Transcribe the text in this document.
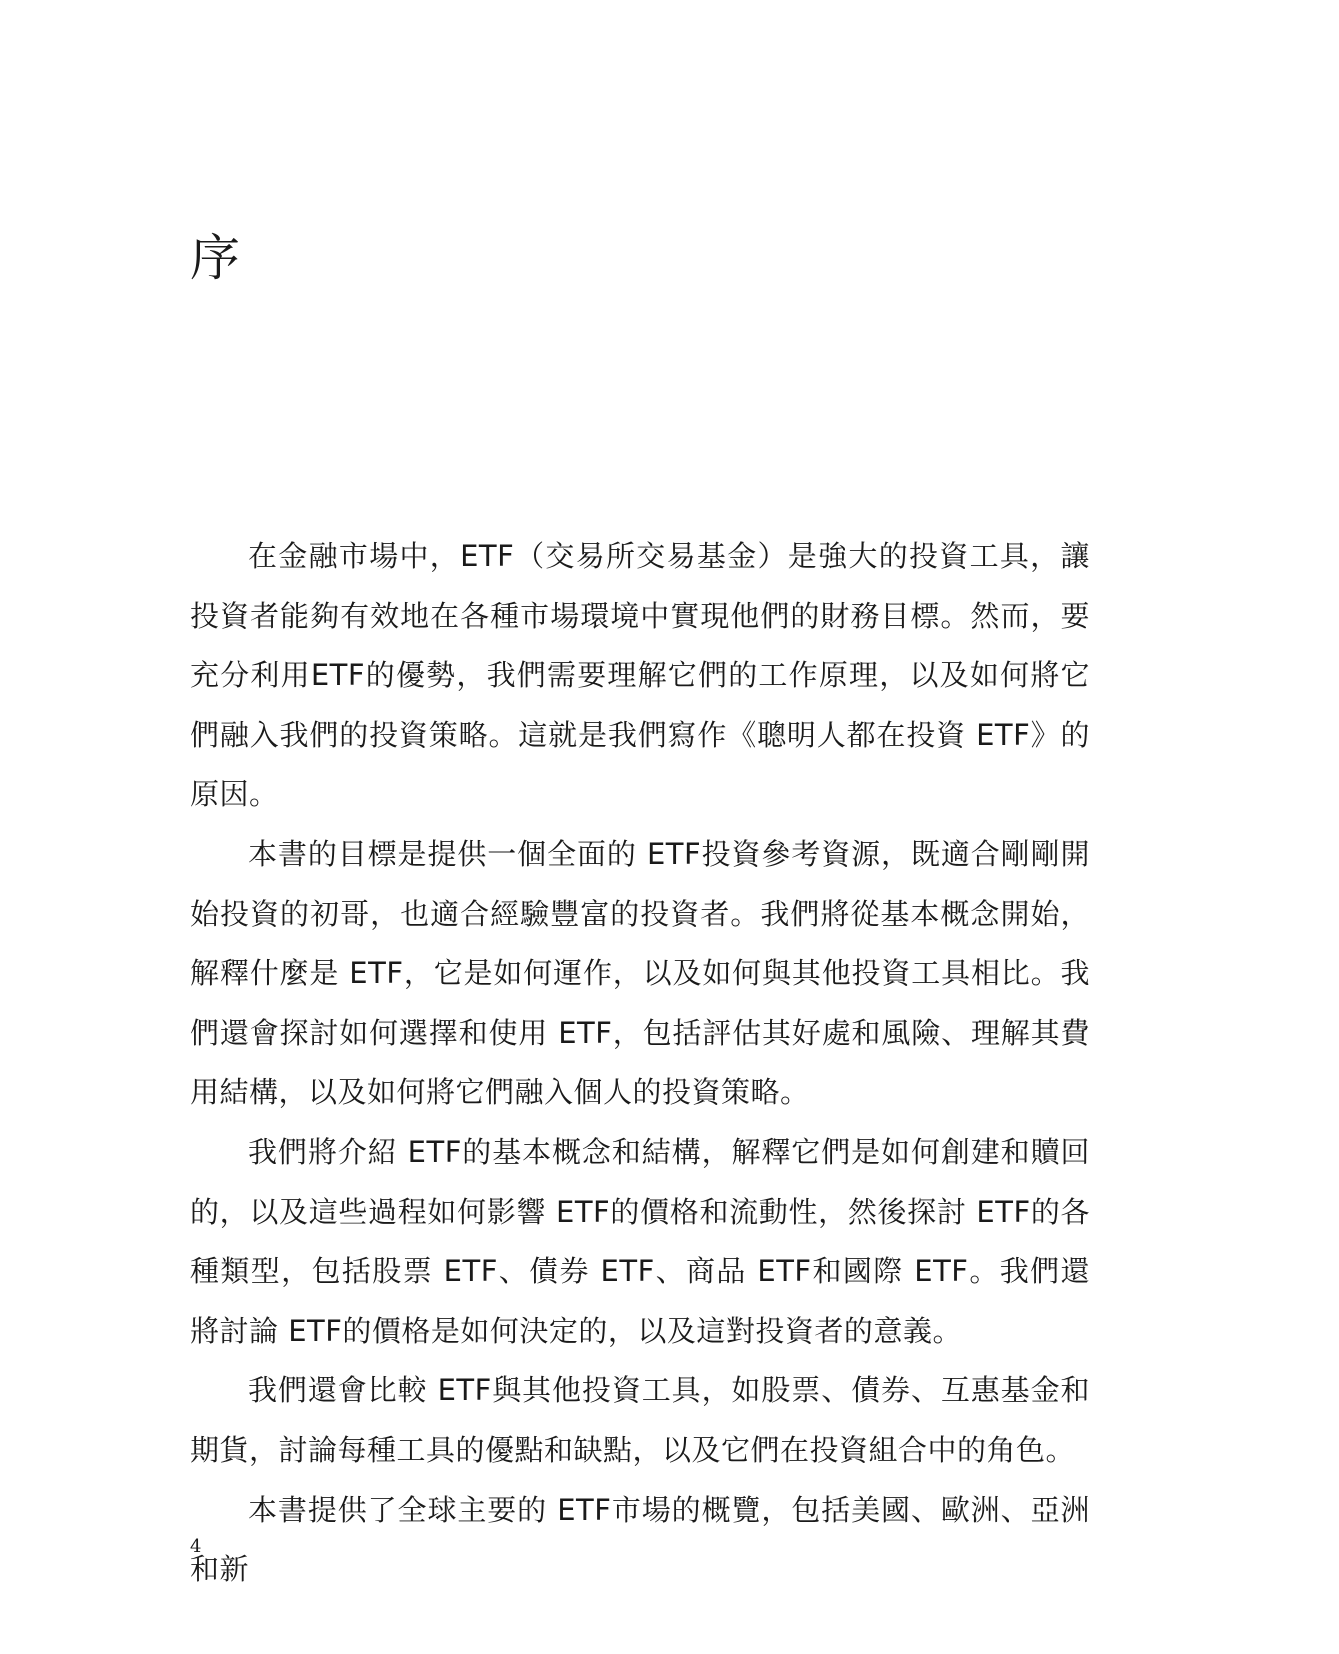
序

在金融市場中，ETF（交易所交易基金）是強大的投資工具，讓投資者能夠有效地在各種市場環境中實現他們的財務目標。然而，要充分利用ETF的優勢，我們需要理解它們的工作原理，以及如何將它們融入我們的投資策略。這就是我們寫作《聰明人都在投資 ETF》的原因。

本書的目標是提供一個全面的 ETF投資參考資源，既適合剛剛開始投資的初哥，也適合經驗豐富的投資者。我們將從基本概念開始，解釋什麼是 ETF，它是如何運作，以及如何與其他投資工具相比。我們還會探討如何選擇和使用 ETF，包括評估其好處和風險、理解其費用結構，以及如何將它們融入個人的投資策略。

我們將介紹 ETF的基本概念和結構，解釋它們是如何創建和贖回的，以及這些過程如何影響 ETF的價格和流動性，然後探討 ETF的各種類型，包括股票 ETF、債券 ETF、商品 ETF和國際 ETF。我們還將討論 ETF的價格是如何決定的，以及這對投資者的意義。

我們還會比較 ETF與其他投資工具，如股票、債券、互惠基金和期貨，討論每種工具的優點和缺點，以及它們在投資組合中的角色。

本書提供了全球主要的 ETF市場的概覽，包括美國、歐洲、亞洲和新

4
